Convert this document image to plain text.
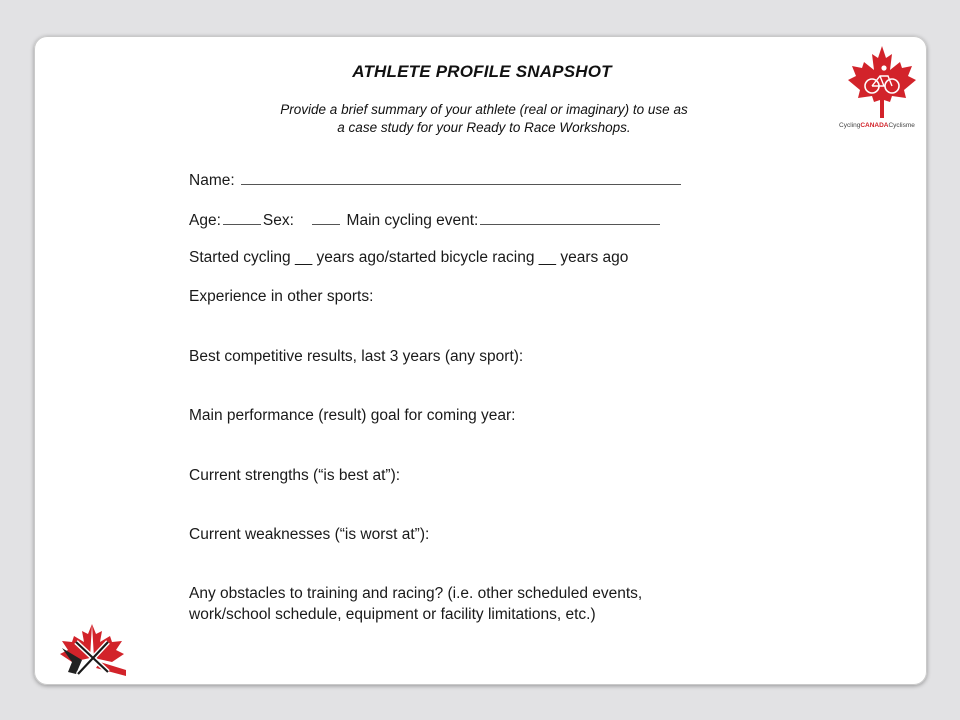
ATHLETE PROFILE SNAPSHOT
Provide a brief summary of your athlete (real or imaginary) to use as
a case study for your Ready to Race Workshops.	CyclingCANADACyclisme
Name:
Age:	Sex:	Main cycling event:
Started cycling __ years ago/started bicycle racing __ years ago
Experience in other sports:
Best competitive results, last 3 years (any sport):
Main performance (result) goal for coming year:
Current strengths (“is best at”):
Current weaknesses (“is worst at”):
Any obstacles to training and racing? (i.e. other scheduled events,
work/school schedule, equipment or facility limitations, etc.)
